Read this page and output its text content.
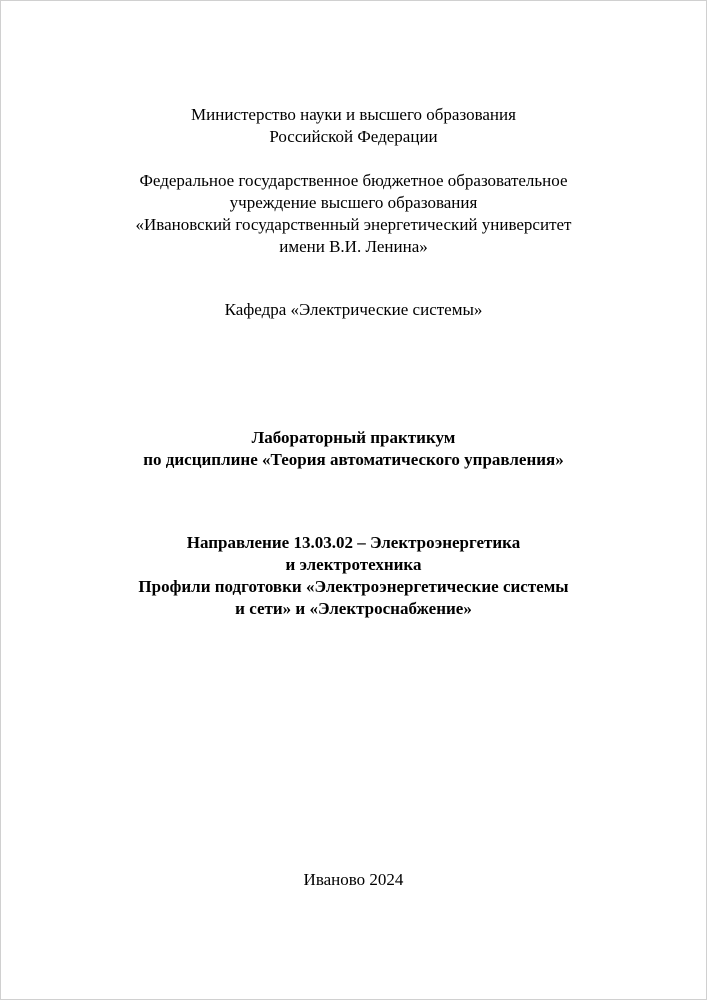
Министерство науки и высшего образования
Российской Федерации
Федеральное государственное бюджетное образовательное
учреждение высшего образования
«Ивановский государственный энергетический университет
имени В.И. Ленина»
Кафедра «Электрические системы»
Лабораторный практикум
по дисциплине «Теория автоматического управления»
Направление 13.03.02 – Электроэнергетика
и электротехника
Профили подготовки «Электроэнергетические системы
и сети» и «Электроснабжение»
Иваново 2024
